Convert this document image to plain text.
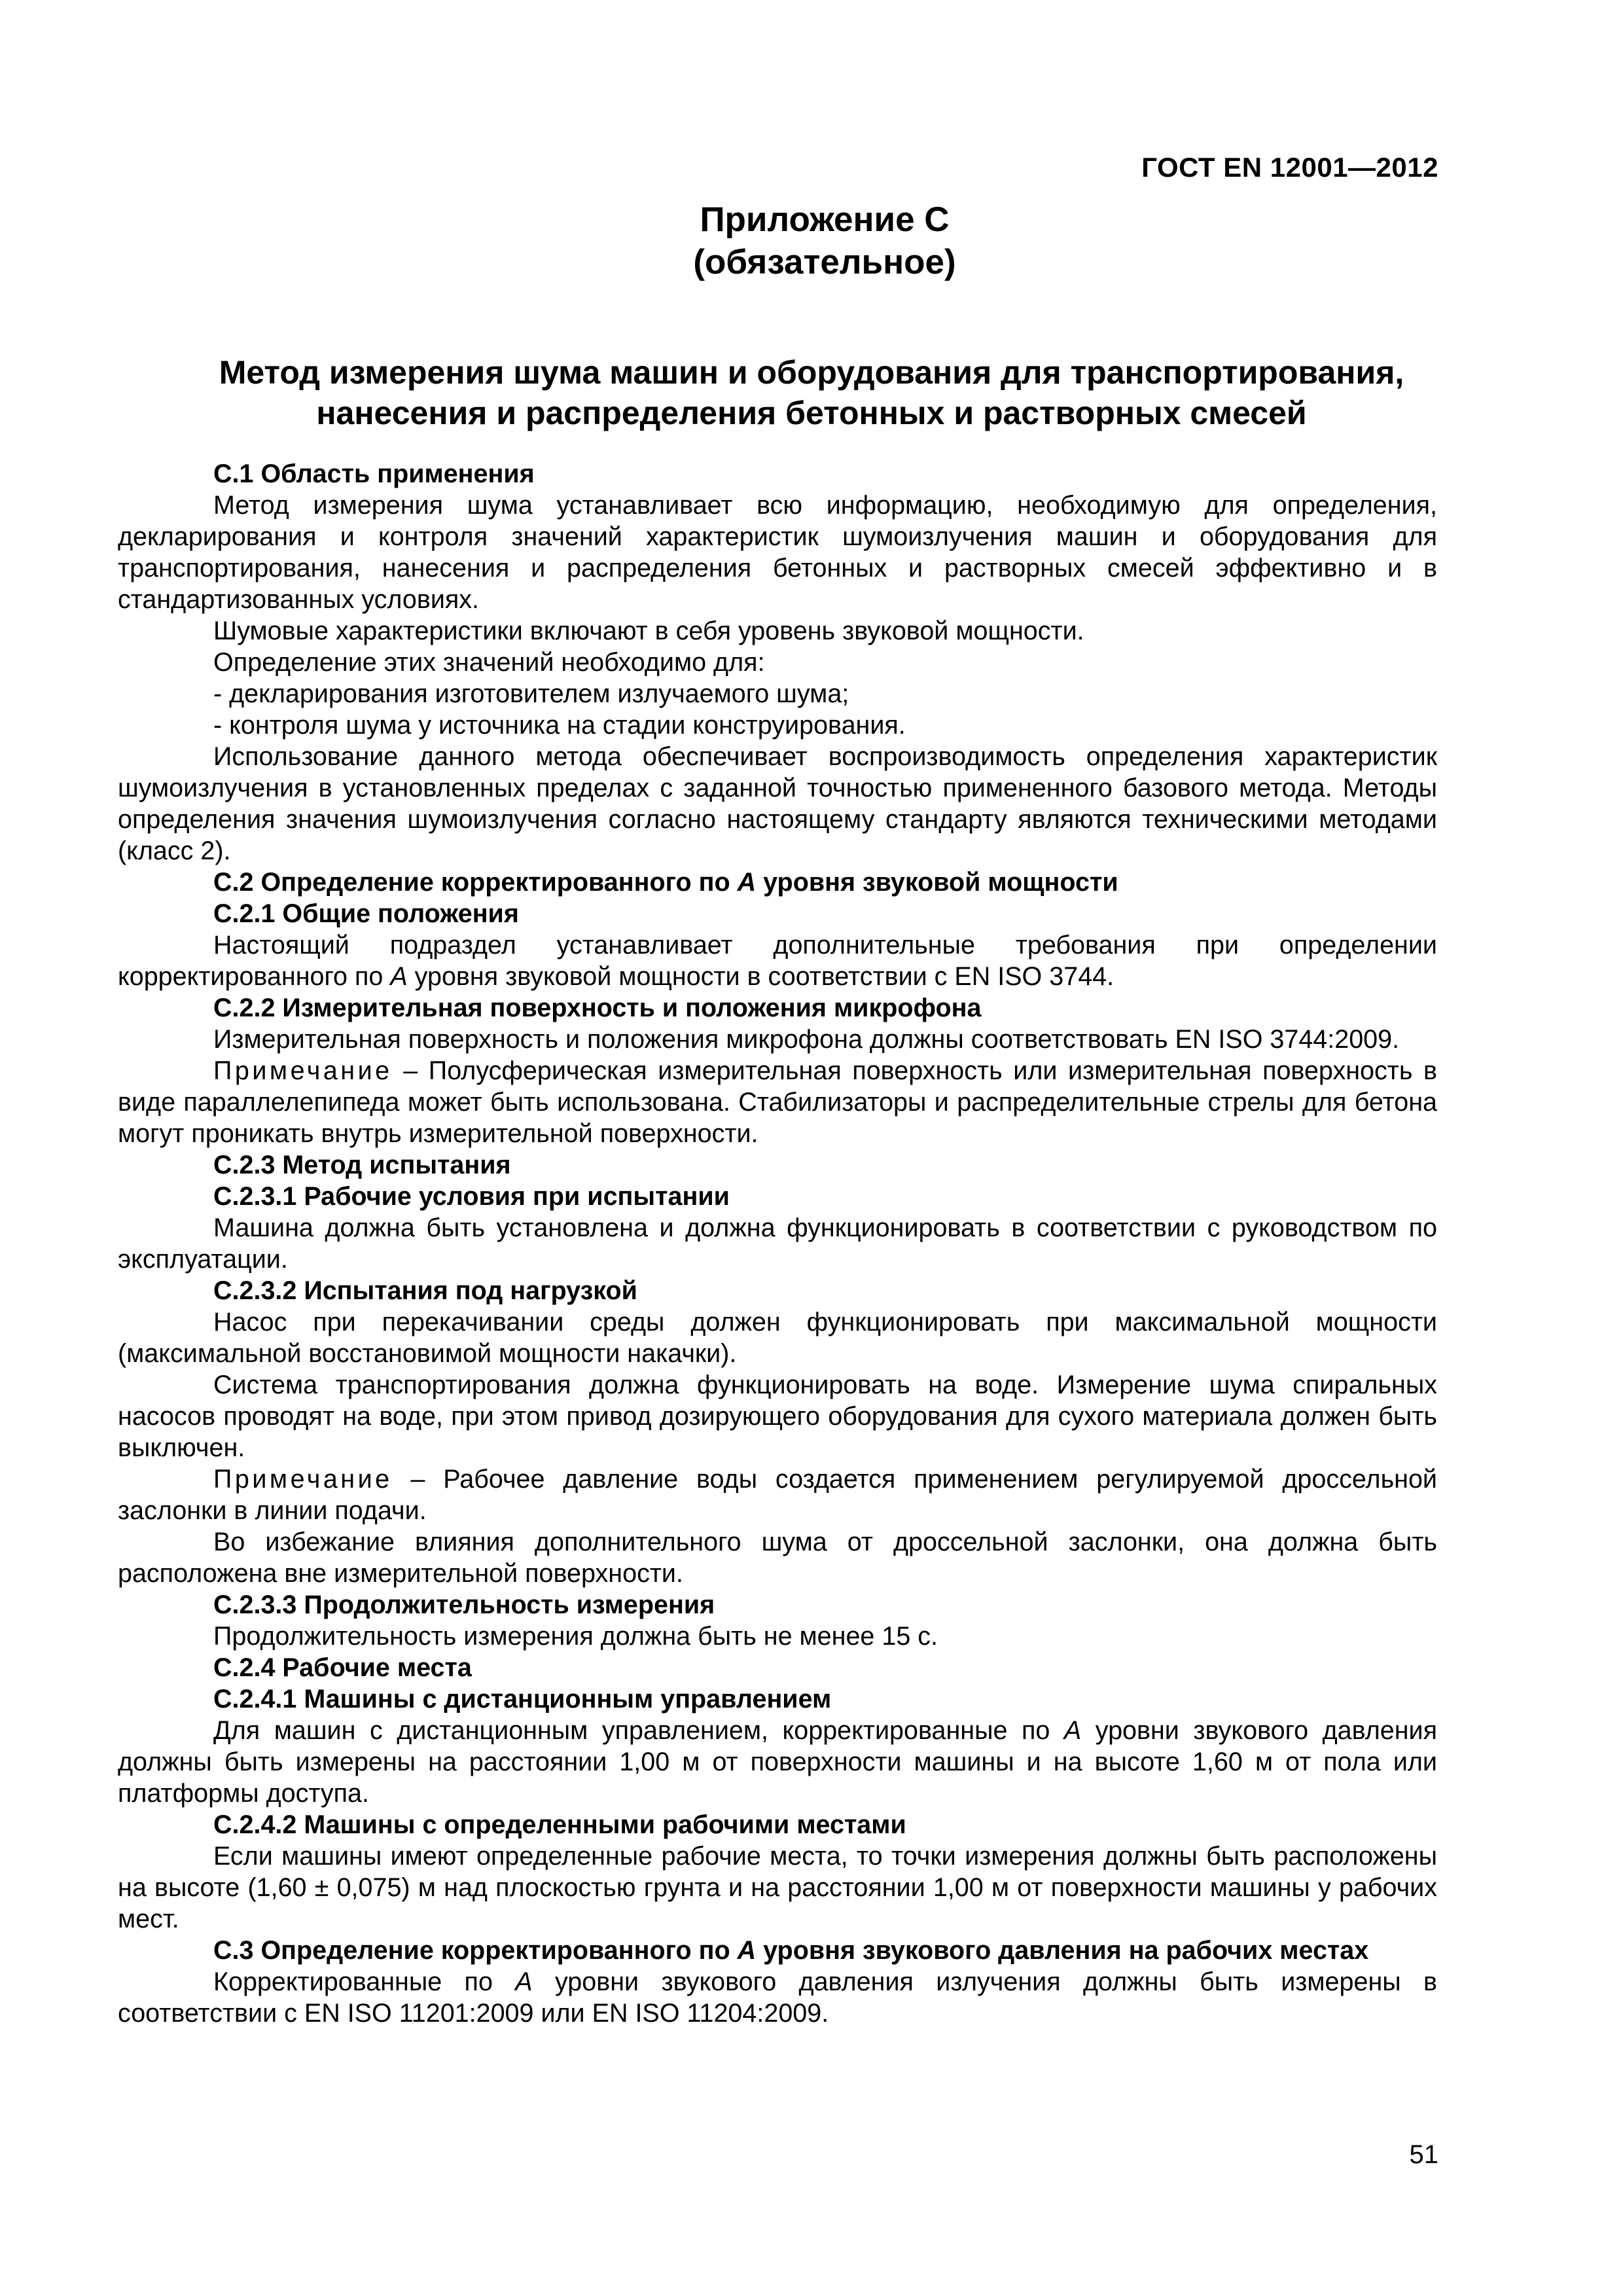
ГОСТ EN 12001—2012
Приложение С
(обязательное)
Метод измерения шума машин и оборудования для транспортирования,
нанесения и распределения бетонных и растворных смесей

С.1 Область применения

Метод измерения шума устанавливает всю информацию, необходимую для определения, декларирования и контроля значений характеристик шумоизлучения машин и оборудования для транспортирования, нанесения и распределения бетонных и растворных смесей эффективно и в стандартизованных условиях.

Шумовые характеристики включают в себя уровень звуковой мощности.

Определение этих значений необходимо для:

- декларирования изготовителем излучаемого шума;

- контроля шума у источника на стадии конструирования.

Использование данного метода обеспечивает воспроизводимость определения характеристик шумоизлучения в установленных пределах с заданной точностью примененного базового метода. Методы определения значения шумоизлучения согласно настоящему стандарту являются техническими методами (класс 2).

С.2 Определение корректированного по А уровня звуковой мощности

С.2.1 Общие положения

Настоящий подраздел устанавливает дополнительные требования при определении корректированного по А уровня звуковой мощности в соответствии с EN ISO 3744.

С.2.2 Измерительная поверхность и положения микрофона

Измерительная поверхность и положения микрофона должны соответствовать EN ISO 3744:2009.

Примечание – Полусферическая измерительная поверхность или измерительная поверхность в виде параллелепипеда может быть использована. Стабилизаторы и распределительные стрелы для бетона могут проникать внутрь измерительной поверхности.

С.2.3 Метод испытания

С.2.3.1 Рабочие условия при испытании

Машина должна быть установлена и должна функционировать в соответствии с руководством по эксплуатации.

С.2.3.2 Испытания под нагрузкой

Насос при перекачивании среды должен функционировать при максимальной мощности (максимальной восстановимой мощности накачки).

Система транспортирования должна функционировать на воде. Измерение шума спиральных насосов проводят на воде, при этом привод дозирующего оборудования для сухого материала должен быть выключен.

Примечание – Рабочее давление воды создается применением регулируемой дроссельной заслонки в линии подачи.

Во избежание влияния дополнительного шума от дроссельной заслонки, она должна быть расположена вне измерительной поверхности.

С.2.3.3 Продолжительность измерения

Продолжительность измерения должна быть не менее 15 с.

С.2.4 Рабочие места

С.2.4.1 Машины с дистанционным управлением

Для машин с дистанционным управлением, корректированные по А уровни звукового давления должны быть измерены на расстоянии 1,00 м от поверхности машины и на высоте 1,60 м от пола или платформы доступа.

С.2.4.2 Машины с определенными рабочими местами

Если машины имеют определенные рабочие места, то точки измерения должны быть расположены на высоте (1,60 ± 0,075) м над плоскостью грунта и на расстоянии 1,00 м от поверхности машины у рабочих мест.

С.3 Определение корректированного по А уровня звукового давления на рабочих местах

Корректированные по А уровни звукового давления излучения должны быть измерены в соответствии с EN ISO 11201:2009 или EN ISO 11204:2009.

51
